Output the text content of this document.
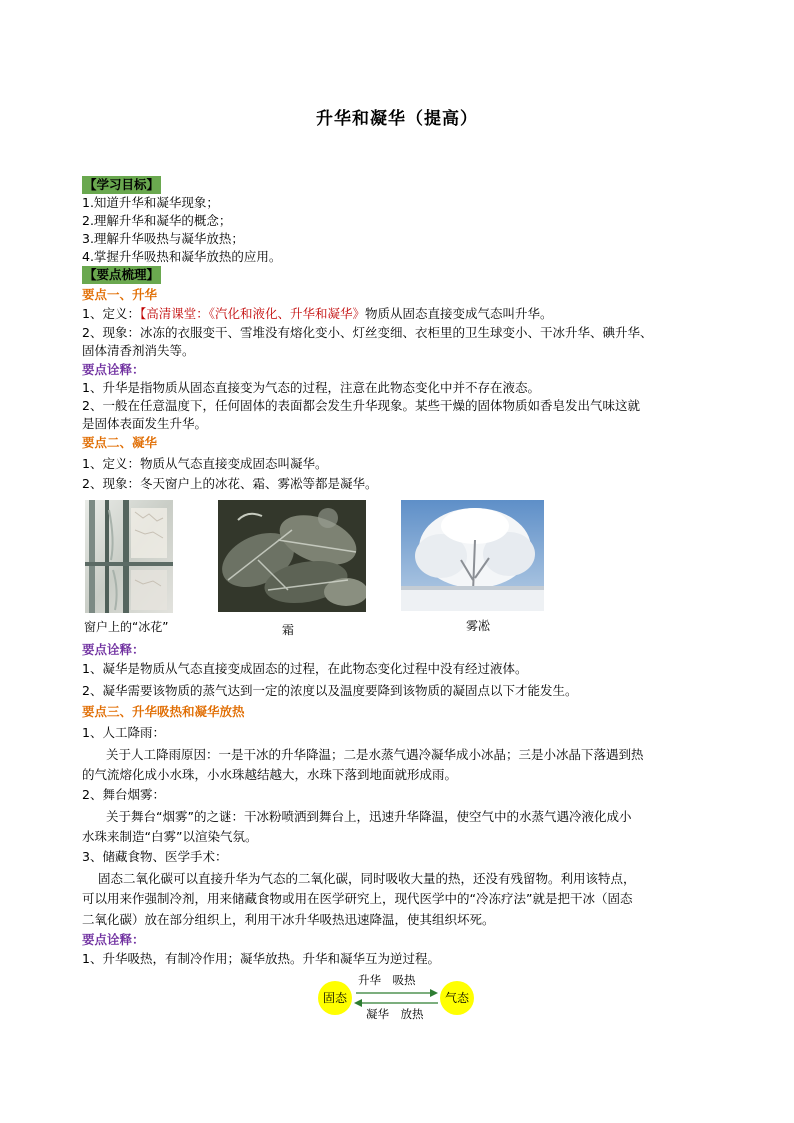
升华和凝华（提高）
【学习目标】
1.知道升华和凝华现象；
2.理解升华和凝华的概念；
3.理解升华吸热与凝华放热；
4.掌握升华吸热和凝华放热的应用。
【要点梳理】
要点一、升华
1、定义：【高清课堂：《汽化和液化、升华和凝华》物质从固态直接变成气态叫升华。
2、现象：冰冻的衣服变干、雪堆没有熔化变小、灯丝变细、衣柜里的卫生球变小、干冰升华、碘升华、
固体清香剂消失等。
要点诠释：
1、升华是指物质从固态直接变为气态的过程，注意在此物态变化中并不存在液态。
2、一般在任意温度下，任何固体的表面都会发生升华现象。某些干燥的固体物质如香皂发出气味这就
是固体表面发生升华。
要点二、凝华
1、定义：物质从气态直接变成固态叫凝华。
2、现象：冬天窗户上的冰花、霜、雾凇等都是凝华。
窗户上的“冰花”	霜	雾凇
要点诠释：
1、凝华是物质从气态直接变成固态的过程，在此物态变化过程中没有经过液体。
2、凝华需要该物质的蒸气达到一定的浓度以及温度要降到该物质的凝固点以下才能发生。
要点三、升华吸热和凝华放热
1、人工降雨：
关于人工降雨原因：一是干冰的升华降温；二是水蒸气遇冷凝华成小冰晶；三是小冰晶下落遇到热
的气流熔化成小水珠，小水珠越结越大，水珠下落到地面就形成雨。
2、舞台烟雾：
关于舞台“烟雾”的之谜：干冰粉喷洒到舞台上，迅速升华降温，使空气中的水蒸气遇冷液化成小
水珠来制造“白雾”以渲染气氛。
3、储藏食物、医学手术：
固态二氧化碳可以直接升华为气态的二氧化碳，同时吸收大量的热，还没有残留物。利用该特点，
可以用来作强制冷剂，用来储藏食物或用在医学研究上，现代医学中的“冷冻疗法”就是把干冰（固态
二氧化碳）放在部分组织上，利用干冰升华吸热迅速降温，使其组织坏死。
要点诠释：
1、升华吸热，有制冷作用；凝华放热。升华和凝华互为逆过程。
固态	气态
升华　吸热
凝华　放热
